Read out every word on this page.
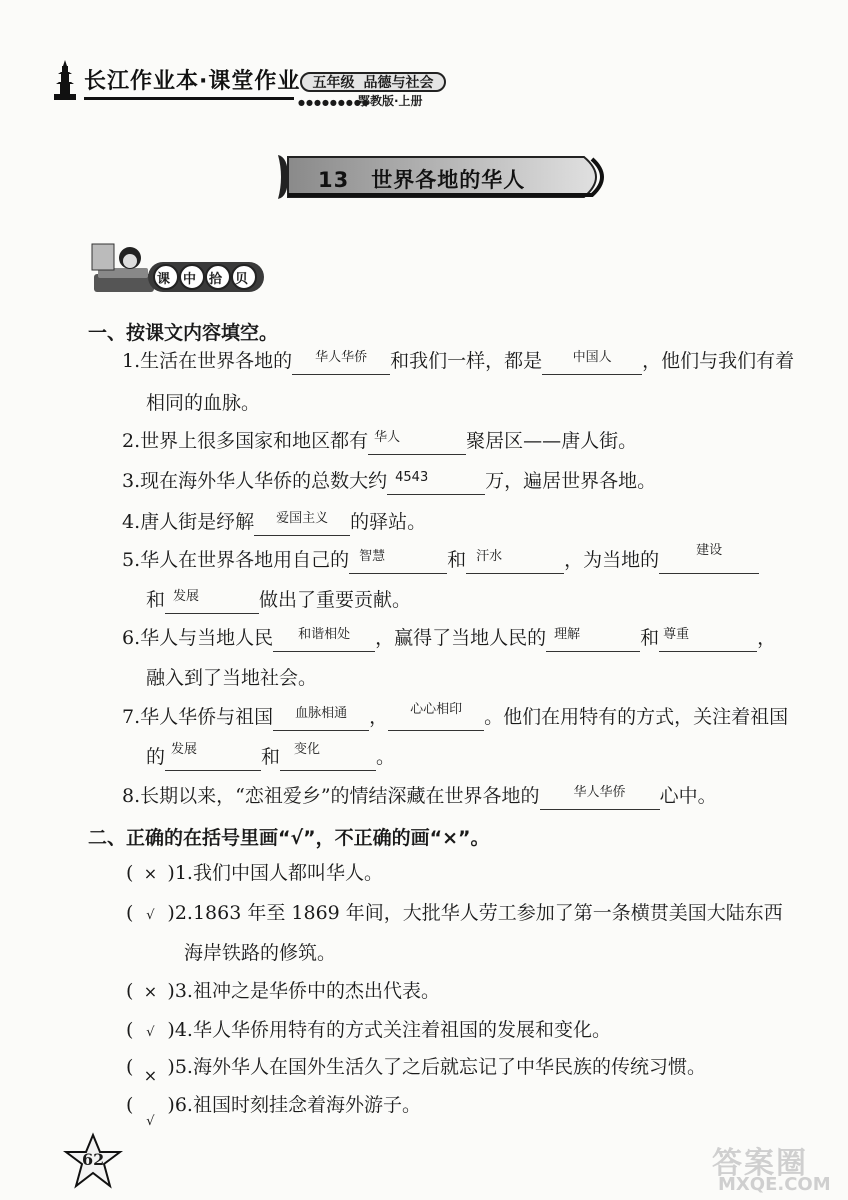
长江作业本·课堂作业 五年级 品德与社会
●●●●●●●●●
鄂教版·上册
13　世界各地的华人
课中拾贝
一、按课文内容填空。
1.生活在世界各地的	华人华侨	和我们一样，都是	中国人	，他们与我们有着
相同的血脉。
2.世界上很多国家和地区都有 华人	聚居区——唐人街。
3.现在海外华人华侨的总数大约 4543	万，遍居世界各地。
4.唐人街是纾解	爱国主义	的驿站。
5.华人在世界各地用自己的 智慧	和 汗水	，为当地的	建设
和 发展	做出了重要贡献。
6.华人与当地人民	和谐相处	，赢得了当地人民的 理解	和 尊重	，
融入到了当地社会。
7.华人华侨与祖国	血脉相通	，	心心相印	。他们在用特有的方式，关注着祖国
的 发展	和	变化	。
8.长期以来，“恋祖爱乡”的情结深藏在世界各地的	华人华侨	心中。
二、正确的在括号里画“√”，不正确的画“×”。
( × )1.我们中国人都叫华人。
( √ )2.1863 年至 1869 年间，大批华人劳工参加了第一条横贯美国大陆东西
海岸铁路的修筑。
( × )3.祖冲之是华侨中的杰出代表。
( √ )4.华人华侨用特有的方式关注着祖国的发展和变化。
( × )5.海外华人在国外生活久了之后就忘记了中华民族的传统习惯。
(√)6.祖国时刻挂念着海外游子。
62	答案圈
MXQE.COM
